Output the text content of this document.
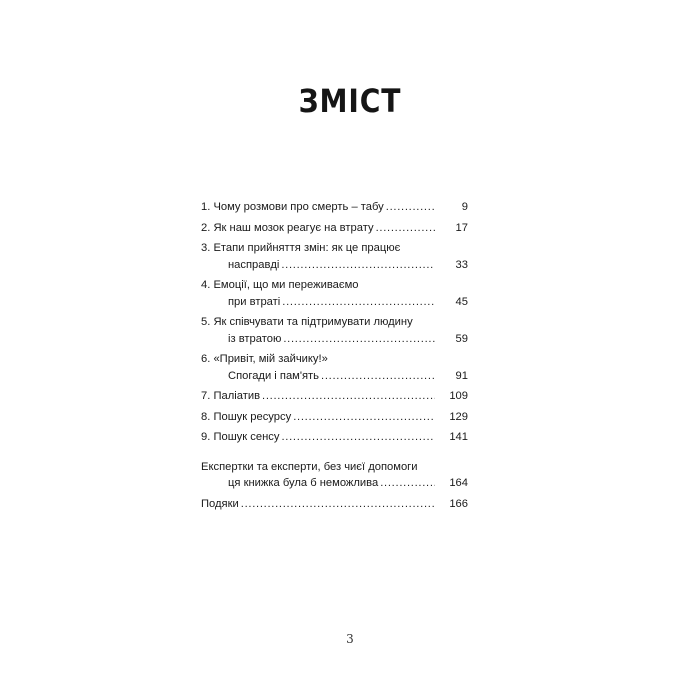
ЗМІСТ
1. Чому розмови про смерть – табу . . .	9
2. Як наш мозок реагує на втрату . . .	17
3. Етапи прийняття змін: як це працює
насправді . . .	33
4. Емоції, що ми переживаємо
при втраті . . .	45
5. Як співчувати та підтримувати людину
із втратою . . .	59
6. «Привіт, мій зайчику!»
Спогади і пам'ять . . .	91
7. Паліатив . . .	109
8. Пошук ресурсу . . .	129
9. Пошук сенсу . . .	141
Експертки та експерти, без чиєї допомоги
ця книжка була б неможлива . . .	164
Подяки . . .	166
3
